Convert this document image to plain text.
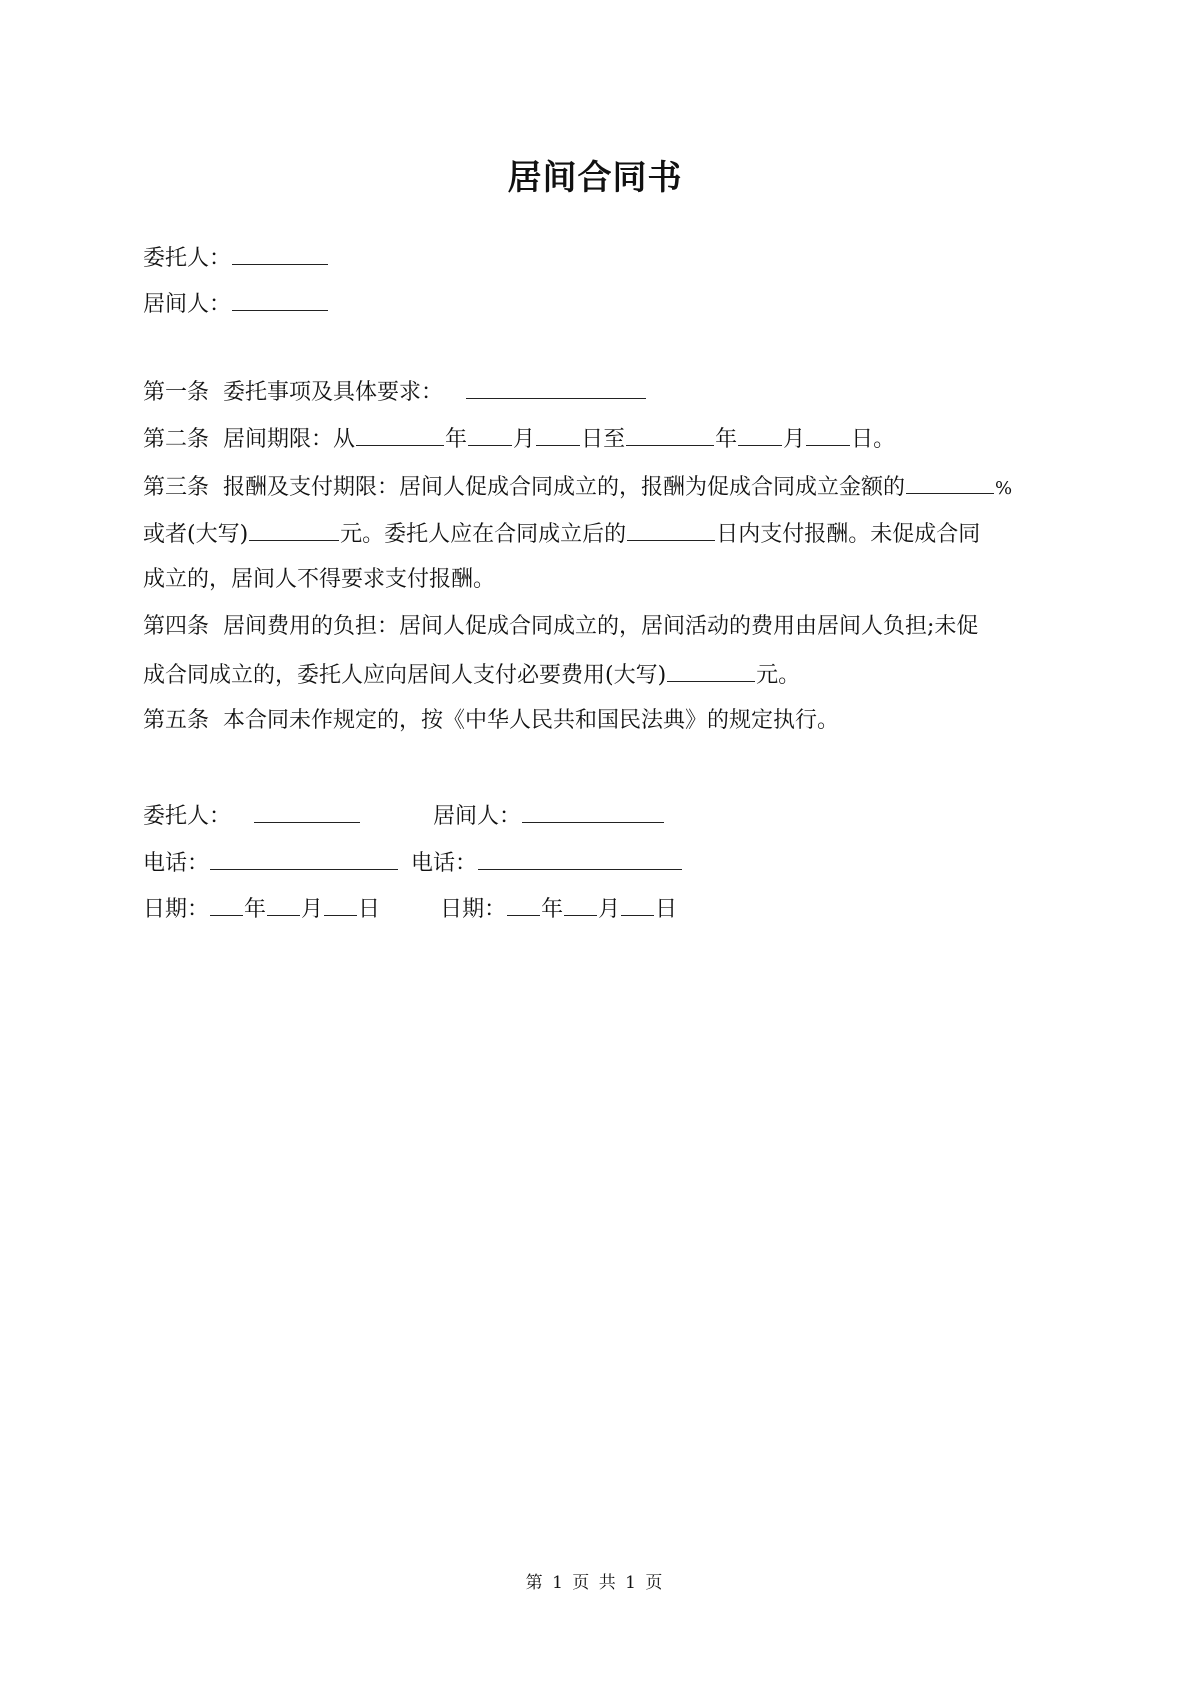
居间合同书
委托人：
居间人：
第一条 委托事项及具体要求：
第二条 居间期限：从	年 月 日至	年 月 日。
第三条 报酬及支付期限：居间人促成合同成立的，报酬为促成合同成立金额的	%
或者(大写)	元。委托人应在合同成立后的	日内支付报酬。未促成合同
成立的，居间人不得要求支付报酬。
第四条 居间费用的负担：居间人促成合同成立的，居间活动的费用由居间人负担;未促
成合同成立的，委托人应向居间人支付必要费用(大写)	元。
第五条 本合同未作规定的，按《中华人民共和国民法典》的规定执行。
委托人：	居间人：
电话：	电话：
日期： 年 月 日	日期： 年 月 日
第 1 页 共 1 页
